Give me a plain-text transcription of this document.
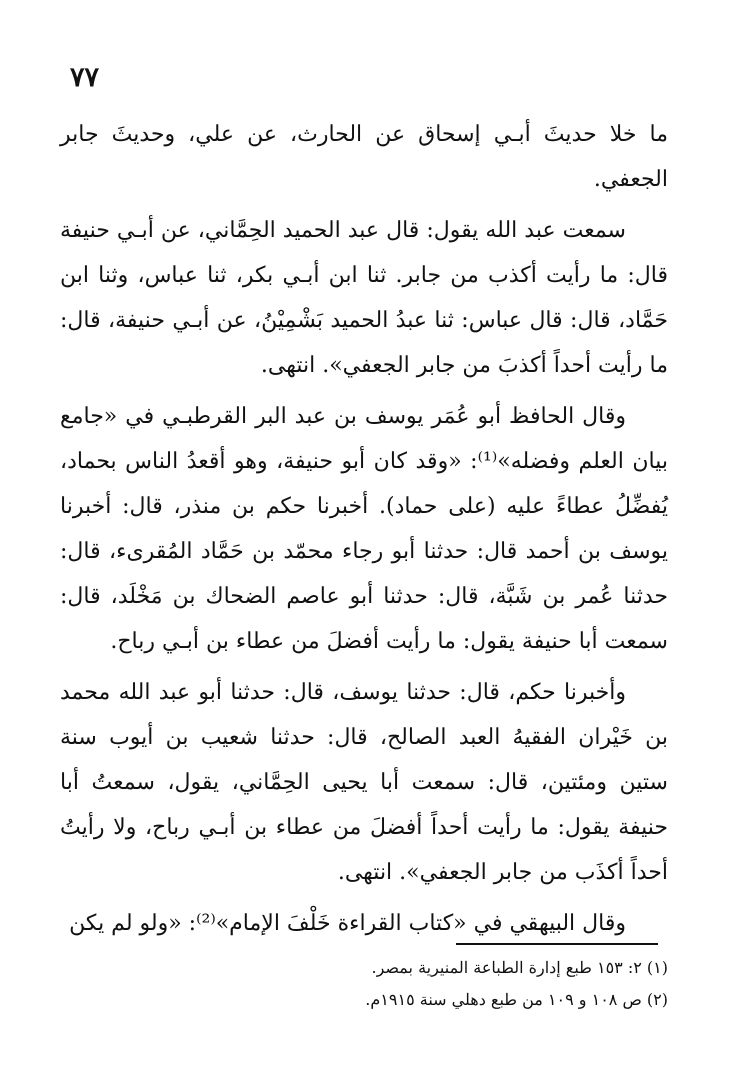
٧٧

ما خلا حديثَ أبـي إسحاق عن الحارث، عن علي، وحديثَ جابر الجعفي.

سمعت عبد الله يقول: قال عبد الحميد الحِمَّاني، عن أبـي حنيفة قال: ما رأيت أكذب من جابر. ثنا ابن أبـي بكر، ثنا عباس، وثنا ابن حَمَّاد، قال: قال عباس: ثنا عبدُ الحميد بَشْمِيْنُ، عن أبـي حنيفة، قال: ما رأيت أحداً أكذبَ من جابر الجعفي». انتهى.

وقال الحافظ أبو عُمَر يوسف بن عبد البر القرطبـي في «جامع بيان العلم وفضله»⁽¹⁾: «وقد كان أبو حنيفة، وهو أقعدُ الناس بحماد، يُفضِّلُ عطاءً عليه (على حماد). أخبرنا حكم بن منذر، قال: أخبرنا يوسف بن أحمد قال: حدثنا أبو رجاء محمّد بن حَمَّاد المُقرىء، قال: حدثنا عُمر بن شَبَّة، قال: حدثنا أبو عاصم الضحاك بن مَخْلَد، قال: سمعت أبا حنيفة يقول: ما رأيت أفضلَ من عطاء بن أبـي رباح.

وأخبرنا حكم، قال: حدثنا يوسف، قال: حدثنا أبو عبد الله محمد بن خَيْران الفقيهُ العبد الصالح، قال: حدثنا شعيب بن أيوب سنة ستين ومئتين، قال: سمعت أبا يحيى الحِمَّاني، يقول، سمعتُ أبا حنيفة يقول: ما رأيت أحداً أفضلَ من عطاء بن أبـي رباح، ولا رأيتُ أحداً أكذَب من جابر الجعفي». انتهى.

وقال البيهقي في «كتاب القراءة خَلْفَ الإمام»⁽²⁾: «ولو لم يكن

(١) ٢: ١٥٣ طبع إدارة الطباعة المنيرية بمصر.

(٢) ص ١٠٨ و ١٠٩ من طبع دهلي سنة ١٩١٥م.
